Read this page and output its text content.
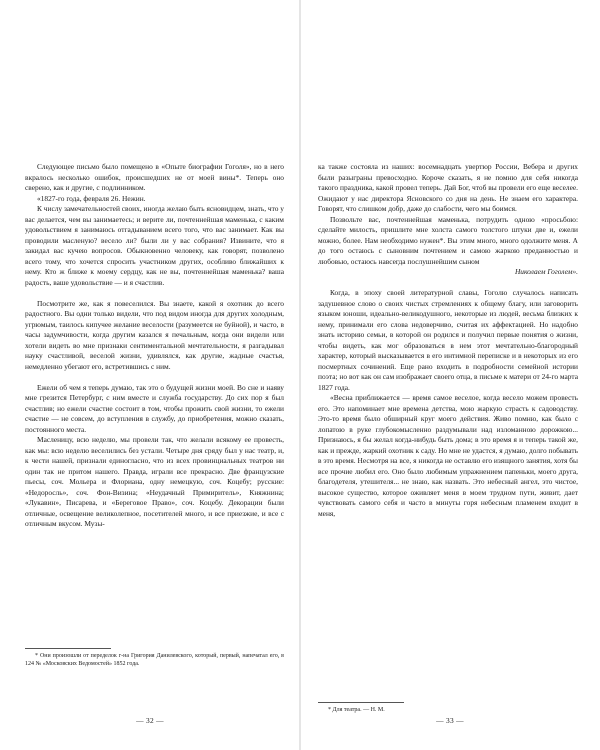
Следующее письмо было помещено в «Опыте биографии Гоголя», но в него вкралось несколько ошибок, происшедших не от моей вины*. Теперь оно сверено, как и другие, с подлинником.

«1827-го года, февраля 26. Нежин.

К числу замечательностей своих, иногда желаю быть ясновидцем, знать, что у вас делается, чем вы занимаетесь; и верите ли, почтеннейшая маменька, с каким удовольствием я занимаюсь отгадыванием всего того, что вас занимает. Как вы проводили масленую? весело ли? были ли у вас собрания? Извините, что я закидал вас кучею вопросов. Обыкновенно человеку, как говорят, позволено всего тому, что хочется спросить участником других, особливо ближайших к нему. Кто ж ближе к моему сердцу, как не вы, почтеннейшая маменька? ваша радость, ваше удовольствие — и я счастлив.

Посмотрите же, как я повеселился. Вы знаете, какой я охотник до всего радостного. Вы одни только видели, что под видом иногда для других холодным, угрюмым, таилось кипучее желание веселости (разумеется не буйной), и часто, в часы задумчивости, когда другим казался я печальным, когда они видели или хотели видеть во мне признаки сентиментальной мечтательности, я разгадывал науку счастливой, веселой жизни, удивлялся, как другие, жадные счастья, немедленно убегают его, встретившись с ним.

Ежели об чем я теперь думаю, так это о будущей жизни моей. Во сне и наяву мне грезится Петербург, с ним вместе и служба государству. До сих пор я был счастлив; но ежели счастие состоит в том, чтобы прожить свой жизни, то ежели счастие — не совсем, до вступления в службу, до приобретения, можно сказать, постоянного места.

Масленицу, всю неделю, мы провели так, что желали всякому ее провесть, как мы: всю неделю веселились без устали. Четыре дня сряду был у нас театр, и, к чести нашей, признали единогласно, что из всех провинциальных театров ни один так не притом нашего. Правда, играли все прекрасно. Две французские пьесы, соч. Мольера и Флориана, одну немецкую, соч. Коцебу; русские: «Недоросль», соч. Фон-Визина; «Неудачный Примиритель», Княжнина; «Лукавин», Писарева, и «Береговое Право», соч. Коцебу. Декорации были отличные, освещение великолепное, посетителей много, и все приезжие, и все с отличным вкусом. Музы-

* Они произошли от переделок г-на Григория Данилевского, который, первый, напечатал его, в 124 № «Московских Ведомостей» 1852 года.

— 32 —

ка также состояла из наших: восемнадцать увертюр России, Вебера и других были разыграны превосходно. Короче сказать, я не помню для себя никогда такого праздника, какой провел теперь. Дай Бог, чтоб вы провели его еще веселее. Ожидают у нас директора Ясновского со дня на день. Не знаем его характера. Говорят, что слишком добр, даже до слабости, чего мы боимся.

Позвольте вас, почтеннейшая маменька, потрудить одною «просьбою: сделайте милость, пришлите мне холста самого толстого штуки две и, ежели можно, более. Нам необходимо нужен*. Вы этим много, много одолжите меня. А до того остаюсь с сыновним почтением и самою жаркою преданностью и любовью, остаюсь навсегда послушнейшим сыном

Николаем Гоголем».

Когда, в эпоху своей литературной славы, Гоголю случалось написать задушевное слово о своих чистых стремлениях к общему благу, или заговорить языком юноши, идеально-великодушного, некоторые из людей, весьма близких к нему, принимали его слова недоверчиво, считая их аффектацией. Но надобно знать историю семьи, в которой он родился и получил первые понятия о жизни, чтобы видеть, как мог образоваться в нем этот мечтательно-благородный характер, который высказывается в его интимной переписке и в некоторых из его посмертных сочинений. Еще рано входить в подробности семейной истории поэта; но вот как он сам изображает своего отца, в письме к матери от 24-го марта 1827 года.

«Весна приближается — время самое веселое, когда весело можем провесть его. Это напоминает мне времена детства, мою жаркую страсть к садоводству. Это-то время было обширный круг моего действия. Живо помню, как было с лопатою в руке глубокомысленно раздумывали над изломанною дорожкою... Признаюсь, я бы желал когда-нибудь быть дома; в это время я и теперь такой же, как и прежде, жаркий охотник к саду. Но мне не удастся, я думаю, долго побывать в это время. Несмотря на все, я никогда не оставлю его изящного занятия, хотя бы все прочие любил его. Оно было любимым упражнением папеньки, моего друга, благодетеля, утешителя... не знаю, как назвать. Это небесный ангел, это чистое, высокое существо, которое оживляет меня в моем трудном пути, живит, дает чувствовать самого себя и часто в минуты горя небесным пламенем входит в меня,

* Для театра. — Н. М.

— 33 —
